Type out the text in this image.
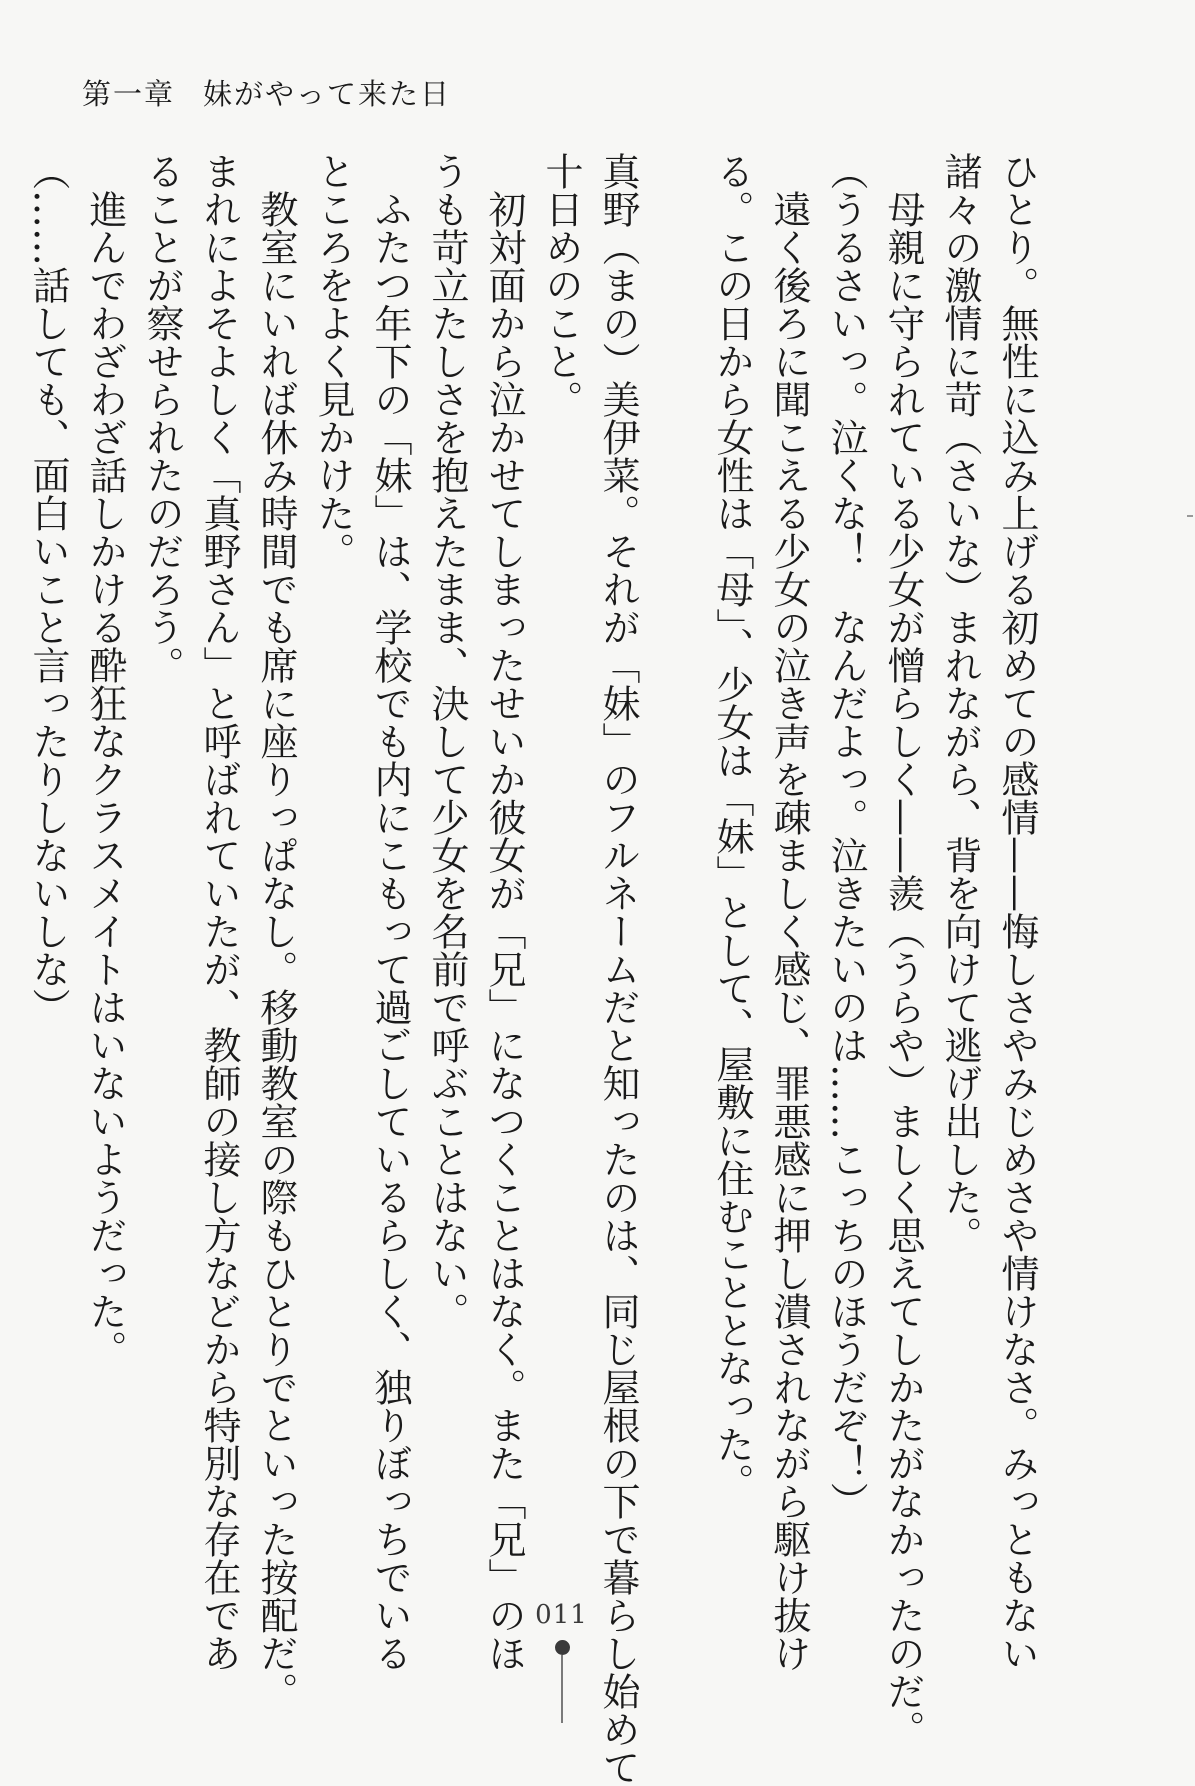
第一章 妹がやって来た日

ひとり。無性に込み上げる初めての感情——悔しさやみじめさや情けなさ。みっともない

諸々の激情に苛（さいな）まれながら、背を向けて逃げ出した。

母親に守られている少女が憎らしく——羨（うらや）ましく思えてしかたがなかったのだ。

（うるさいっ。泣くな！　なんだよっ。泣きたいのは……こっちのほうだぞ！）

遠く後ろに聞こえる少女の泣き声を疎ましく感じ、罪悪感に押し潰されながら駆け抜け

る。この日から女性は「母」、少女は「妹」として、屋敷に住むこととなった。

真野（まの）美伊菜。それが「妹」のフルネームだと知ったのは、同じ屋根の下で暮らし始めて

十日めのこと。

初対面から泣かせてしまったせいか彼女が「兄」になつくことはなく。また「兄」のほ

うも苛立たしさを抱えたまま、決して少女を名前で呼ぶことはない。

ふたつ年下の「妹」は、学校でも内にこもって過ごしているらしく、独りぼっちでいる

ところをよく見かけた。

教室にいれば休み時間でも席に座りっぱなし。移動教室の際もひとりでといった按配だ。

まれによそよしく「真野さん」と呼ばれていたが、教師の接し方などから特別な存在であ

ることが察せられたのだろう。

進んでわざわざ話しかける酔狂なクラスメイトはいないようだった。

（……話しても、面白いこと言ったりしないしな）

011
